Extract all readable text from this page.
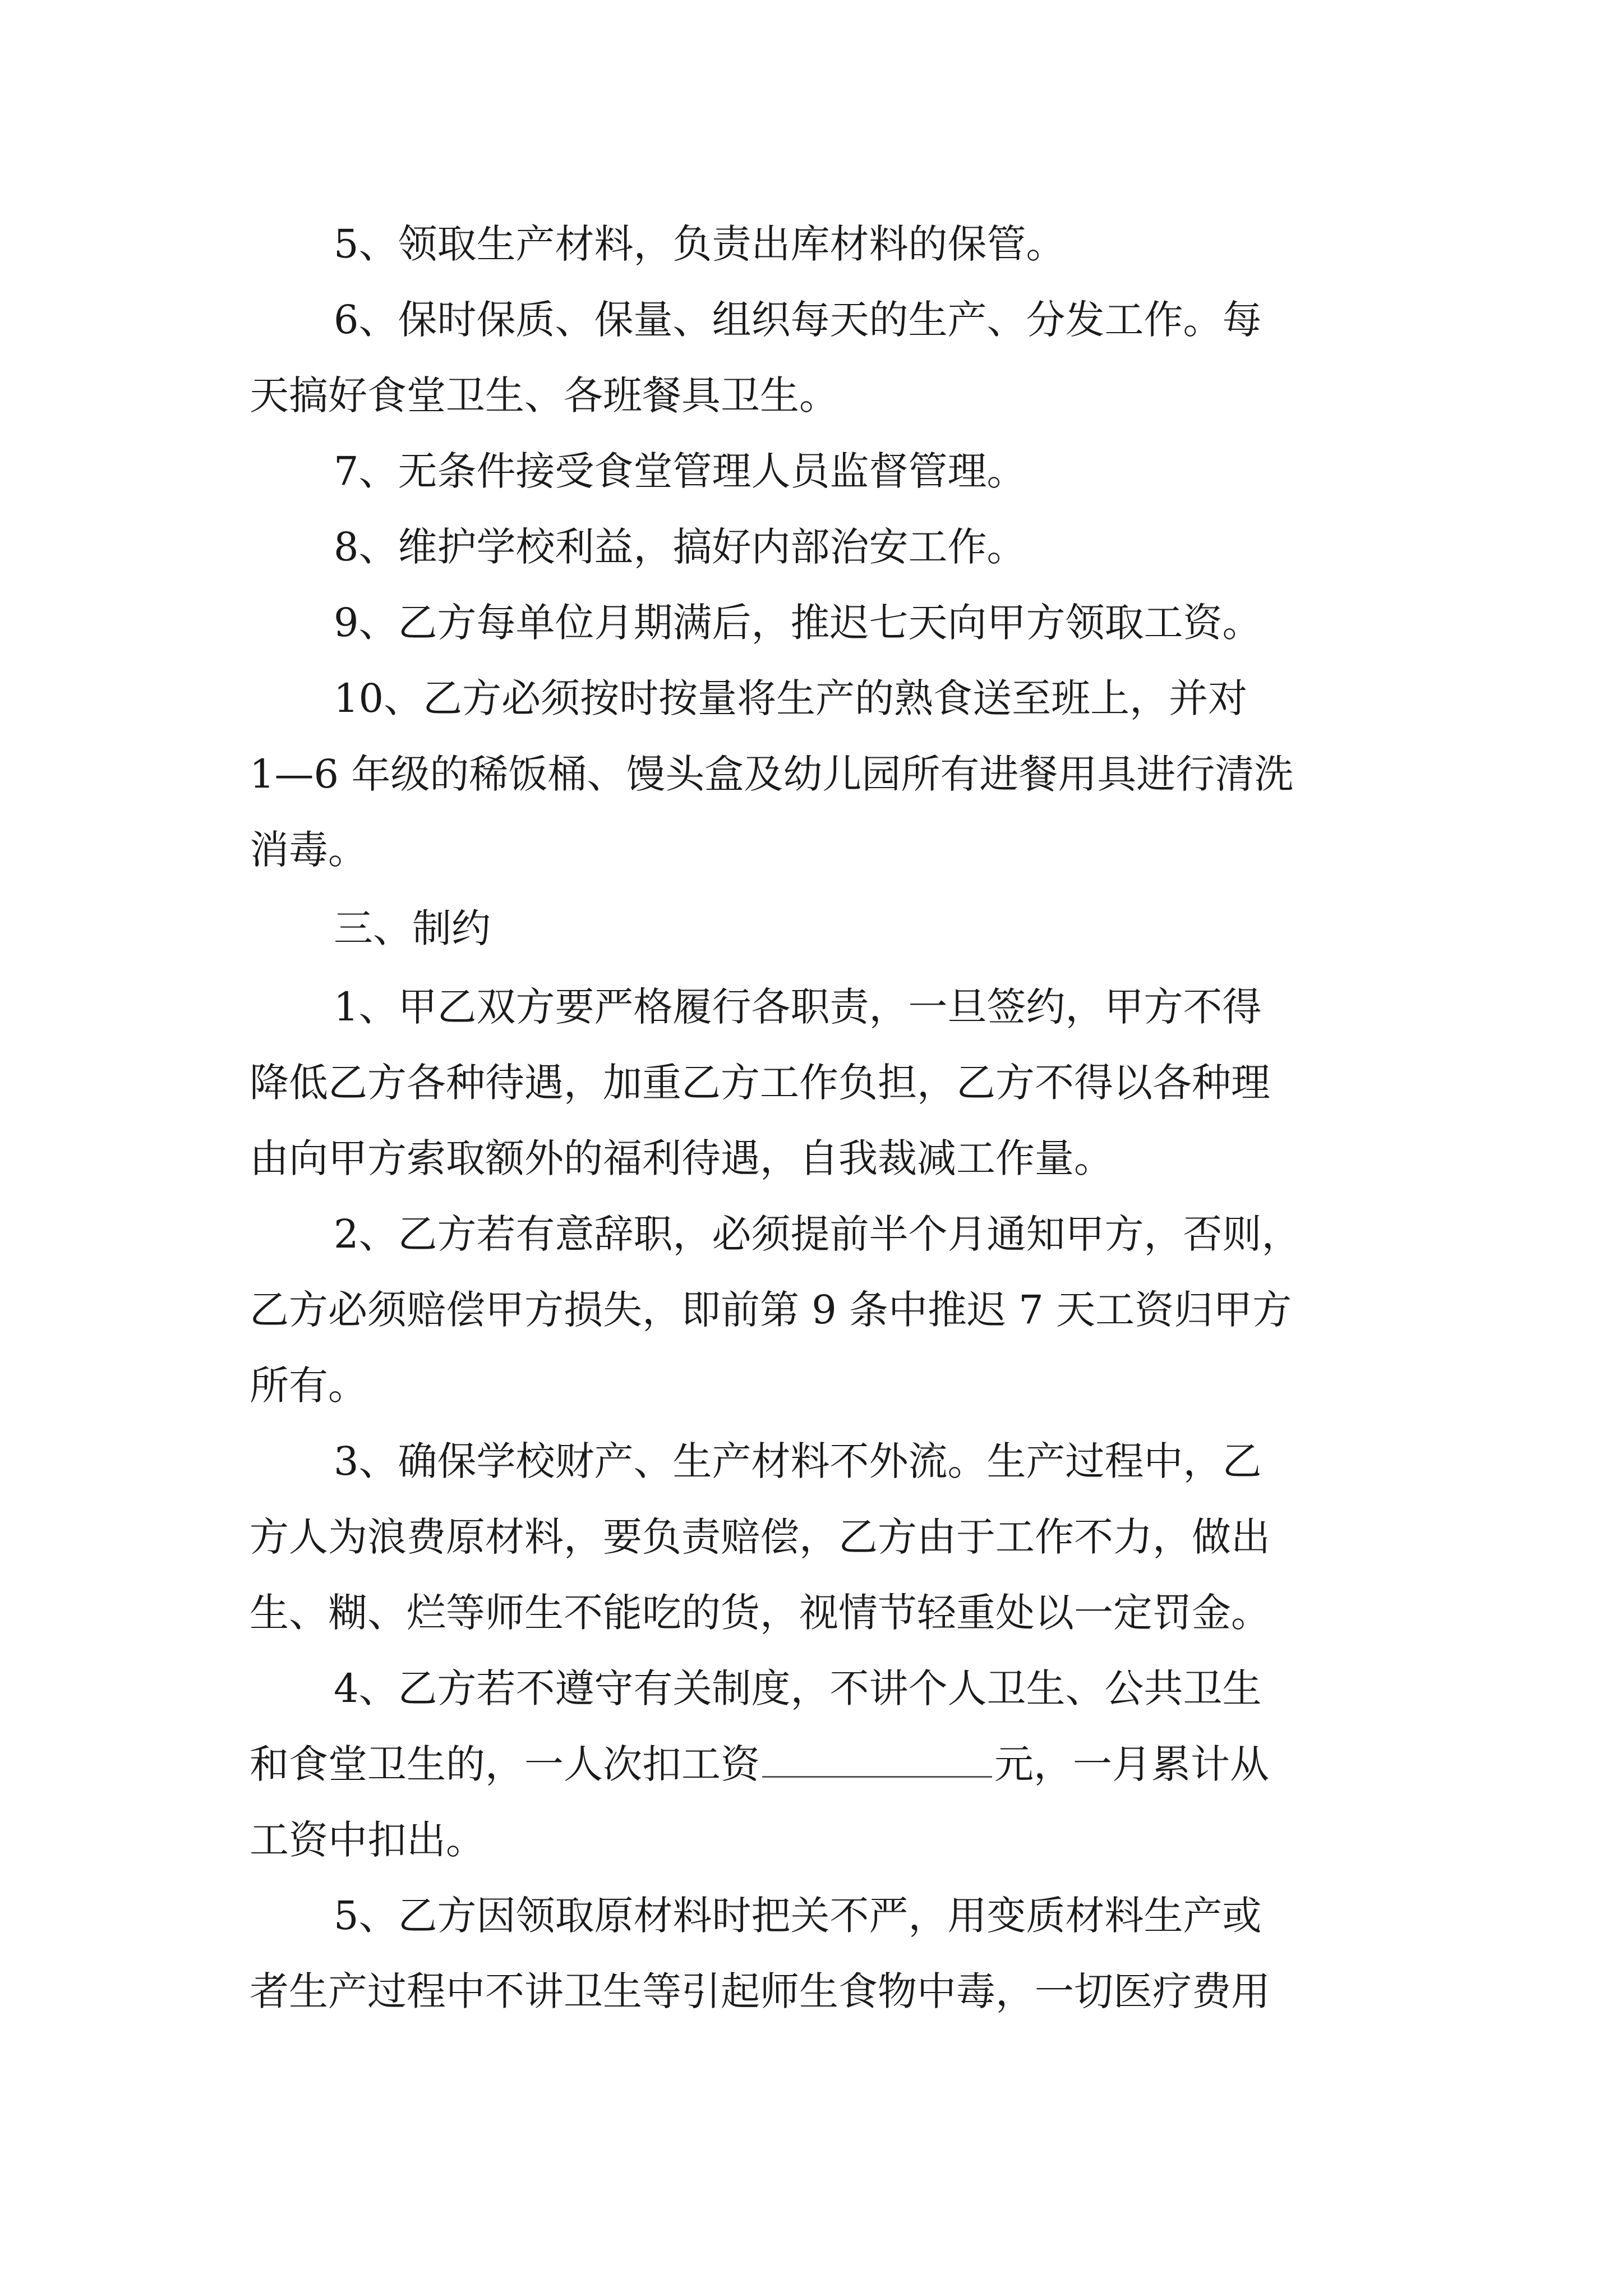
5、领取生产材料，负责出库材料的保管。
6、保时保质、保量、组织每天的生产、分发工作。每
天搞好食堂卫生、各班餐具卫生。
7、无条件接受食堂管理人员监督管理。
8、维护学校利益，搞好内部治安工作。
9、乙方每单位月期满后，推迟七天向甲方领取工资。
10、乙方必须按时按量将生产的熟食送至班上，并对
1—6 年级的稀饭桶、馒头盒及幼儿园所有进餐用具进行清洗
消毒。
三、制约
1、甲乙双方要严格履行各职责，一旦签约，甲方不得
降低乙方各种待遇，加重乙方工作负担，乙方不得以各种理
由向甲方索取额外的福利待遇，自我裁减工作量。
2、乙方若有意辞职，必须提前半个月通知甲方，否则，
乙方必须赔偿甲方损失，即前第 9 条中推迟 7 天工资归甲方
所有。
3、确保学校财产、生产材料不外流。生产过程中，乙
方人为浪费原材料，要负责赔偿，乙方由于工作不力，做出
生、糊、烂等师生不能吃的货，视情节轻重处以一定罚金。
4、乙方若不遵守有关制度，不讲个人卫生、公共卫生
和食堂卫生的，一人次扣工资	元，一月累计从
工资中扣出。
5、乙方因领取原材料时把关不严，用变质材料生产或
者生产过程中不讲卫生等引起师生食物中毒，一切医疗费用
